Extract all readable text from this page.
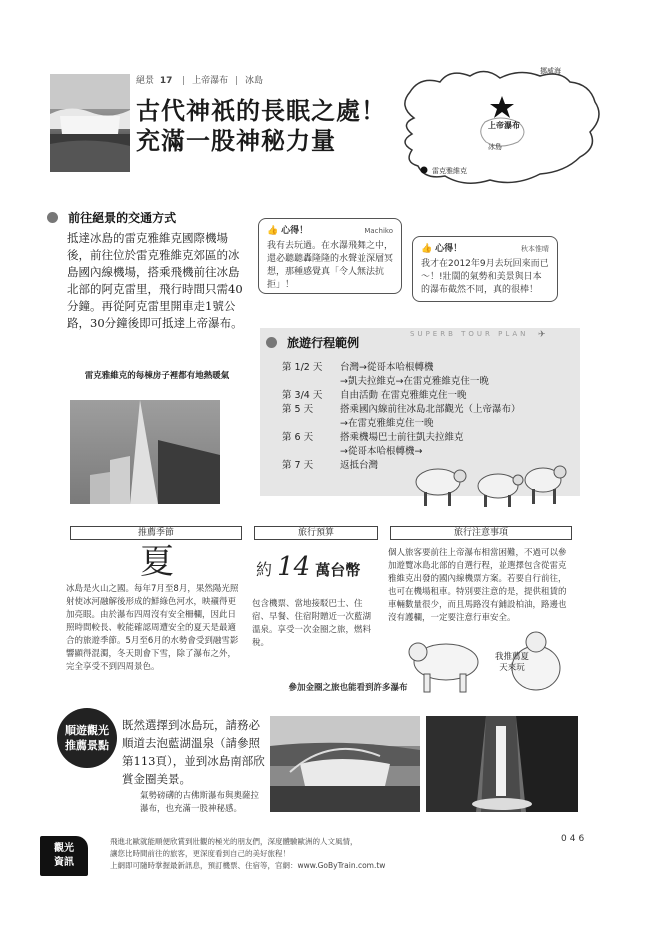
絕景 17 上帝瀑布 冰島
古代神祇的長眠之處！
充滿一股神秘力量
挪威海
上帝瀑布
冰島
雷克雅維克
前往絕景的交通方式
抵達冰島的雷克雅維克國際機場後，前往位於雷克雅維克郊區的冰島國內線機場，搭乘飛機前往冰島北部的阿克雷里，飛行時間只需40分鐘。再從阿克雷里開車走1號公路，30分鐘後即可抵達上帝瀑布。
👍 心得！	Machiko
我有去玩過。在水瀑飛舞之中，還必聽聽轟隆隆的水聲並深層冥想，那種感覺真「令人無法抗拒」！
👍 心得！	秋本惟晴
我才在2012年9月去玩回來而已～！!壯闊的氣勢和美景與日本的瀑布截然不同，真的很棒！
雷克雅維克的每棟房子裡都有地熱暖氣
旅遊行程範例
SUPERB TOUR PLAN ✈
第 1/2 天	台灣→從哥本哈根轉機
→凱夫拉維克→在雷克雅維克住一晚
第 3/4 天	自由活動 在雷克雅維克住一晚
第 5 天	搭乘國內線前往冰島北部觀光（上帝瀑布）
→在雷克雅維克住一晚
第 6 天	搭乘機場巴士前往凱夫拉維克
→從哥本哈根轉機→
第 7 天	返抵台灣
推薦季節	旅行預算	旅行注意事項
夏
冰島是火山之國。每年7月至8月，果然陽光照射使冰河融解後形成的鮮綠色河水，映襯得更加亮眼。由於瀑布四周沒有安全柵欄，因此日照時間較長、較能確認周遭安全的夏天是最適合的旅遊季節。5月至6月的水勢會受到融雪影響顯得混濁，冬天則會下雪，除了瀑布之外，完全享受不到四周景色。
約 14 萬台幣
包含機票、當地接駁巴士、住宿、早餐、住宿附贈近一次藍湖溫泉。享受一次金圈之旅，燃料稅。
個人旅客要前往上帝瀑布相當困難，不過可以參加遊覽冰島北部的自選行程，並選擇包含從雷克雅維克出發的國內線機票方案。若要自行前往，也可在機場租車。特別要注意的是，提供租賃的車輛數量很少，而且馬路沒有鋪設柏油，路邊也沒有護欄，一定要注意行車安全。
我推薦夏天來玩
順遊觀光
推薦景點
既然選擇到冰島玩，請務必順道去泡藍湖溫泉（請參照第113頁），並到冰島南部欣賞金圈美景。
參加金圈之旅也能看到許多瀑布
氣勢磅礴的古佛斯瀑布與奧薩拉瀑布，也充滿一股神秘感。
觀光
資訊
飛進北歐就能順便欣賞到壯觀的極光的朋友們，深度體驗歐洲的人文風情，
讓您比時間前往的旅客，更深度看到自己的美好旅程！
上網即可隨時掌握最新訊息，預訂機票、住宿等，官網：www.GoByTrain.com.tw
046
